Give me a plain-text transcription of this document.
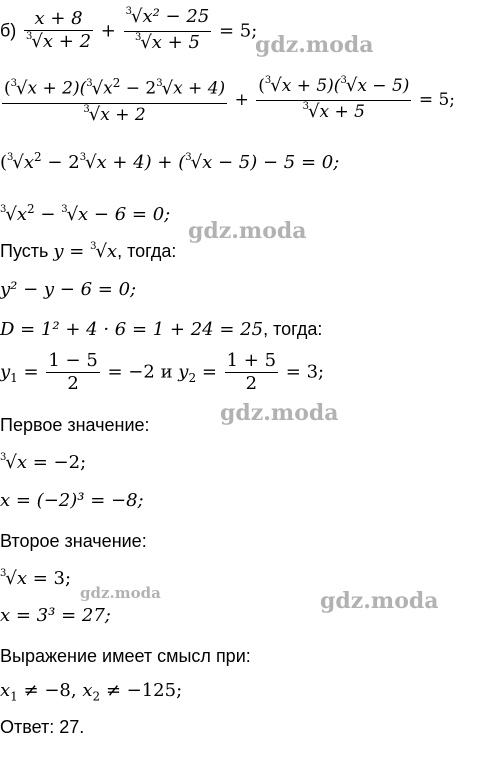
$б) \frac{x + 8}{^3√x + 2} + \frac{^3√x^2 - 25}{^3√x + 5} = 5$;
$\frac{(^3√x + 2)(^3√x^2 - 2^3√x + 4)}{^3√x + 2} + \frac{(^3√x + 5)(^3√x - 5)}{^3√x + 5} = 5$;
$(^3√x^2 - 2^3√x + 4) + (^3√x - 5) - 5 = 0$;
$^3√x^2 - ^3√x - 6 = 0$;
Пусть y = $^3$√x, тогда:
y² − y − 6 = 0;
D = 1² + 4 · 6 = 1 + 24 = 25, тогда:
$y_1 = \frac{1 - 5}{2} = -2$ и $y_2 = \frac{1 + 5}{2} = 3$;
Первое значение:
$^3$√x = −2;
x = (−2)³ = −8;
Второе значение:
$^3$√x = 3;
x = 3³ = 27;
Выражение имеет смысл при:
$x_1 \ne -8$, $x_2 \ne -125$;
Ответ: 27.
gdz.moda
gdz.moda
gdz.moda
gdz.moda	gdz.moda
